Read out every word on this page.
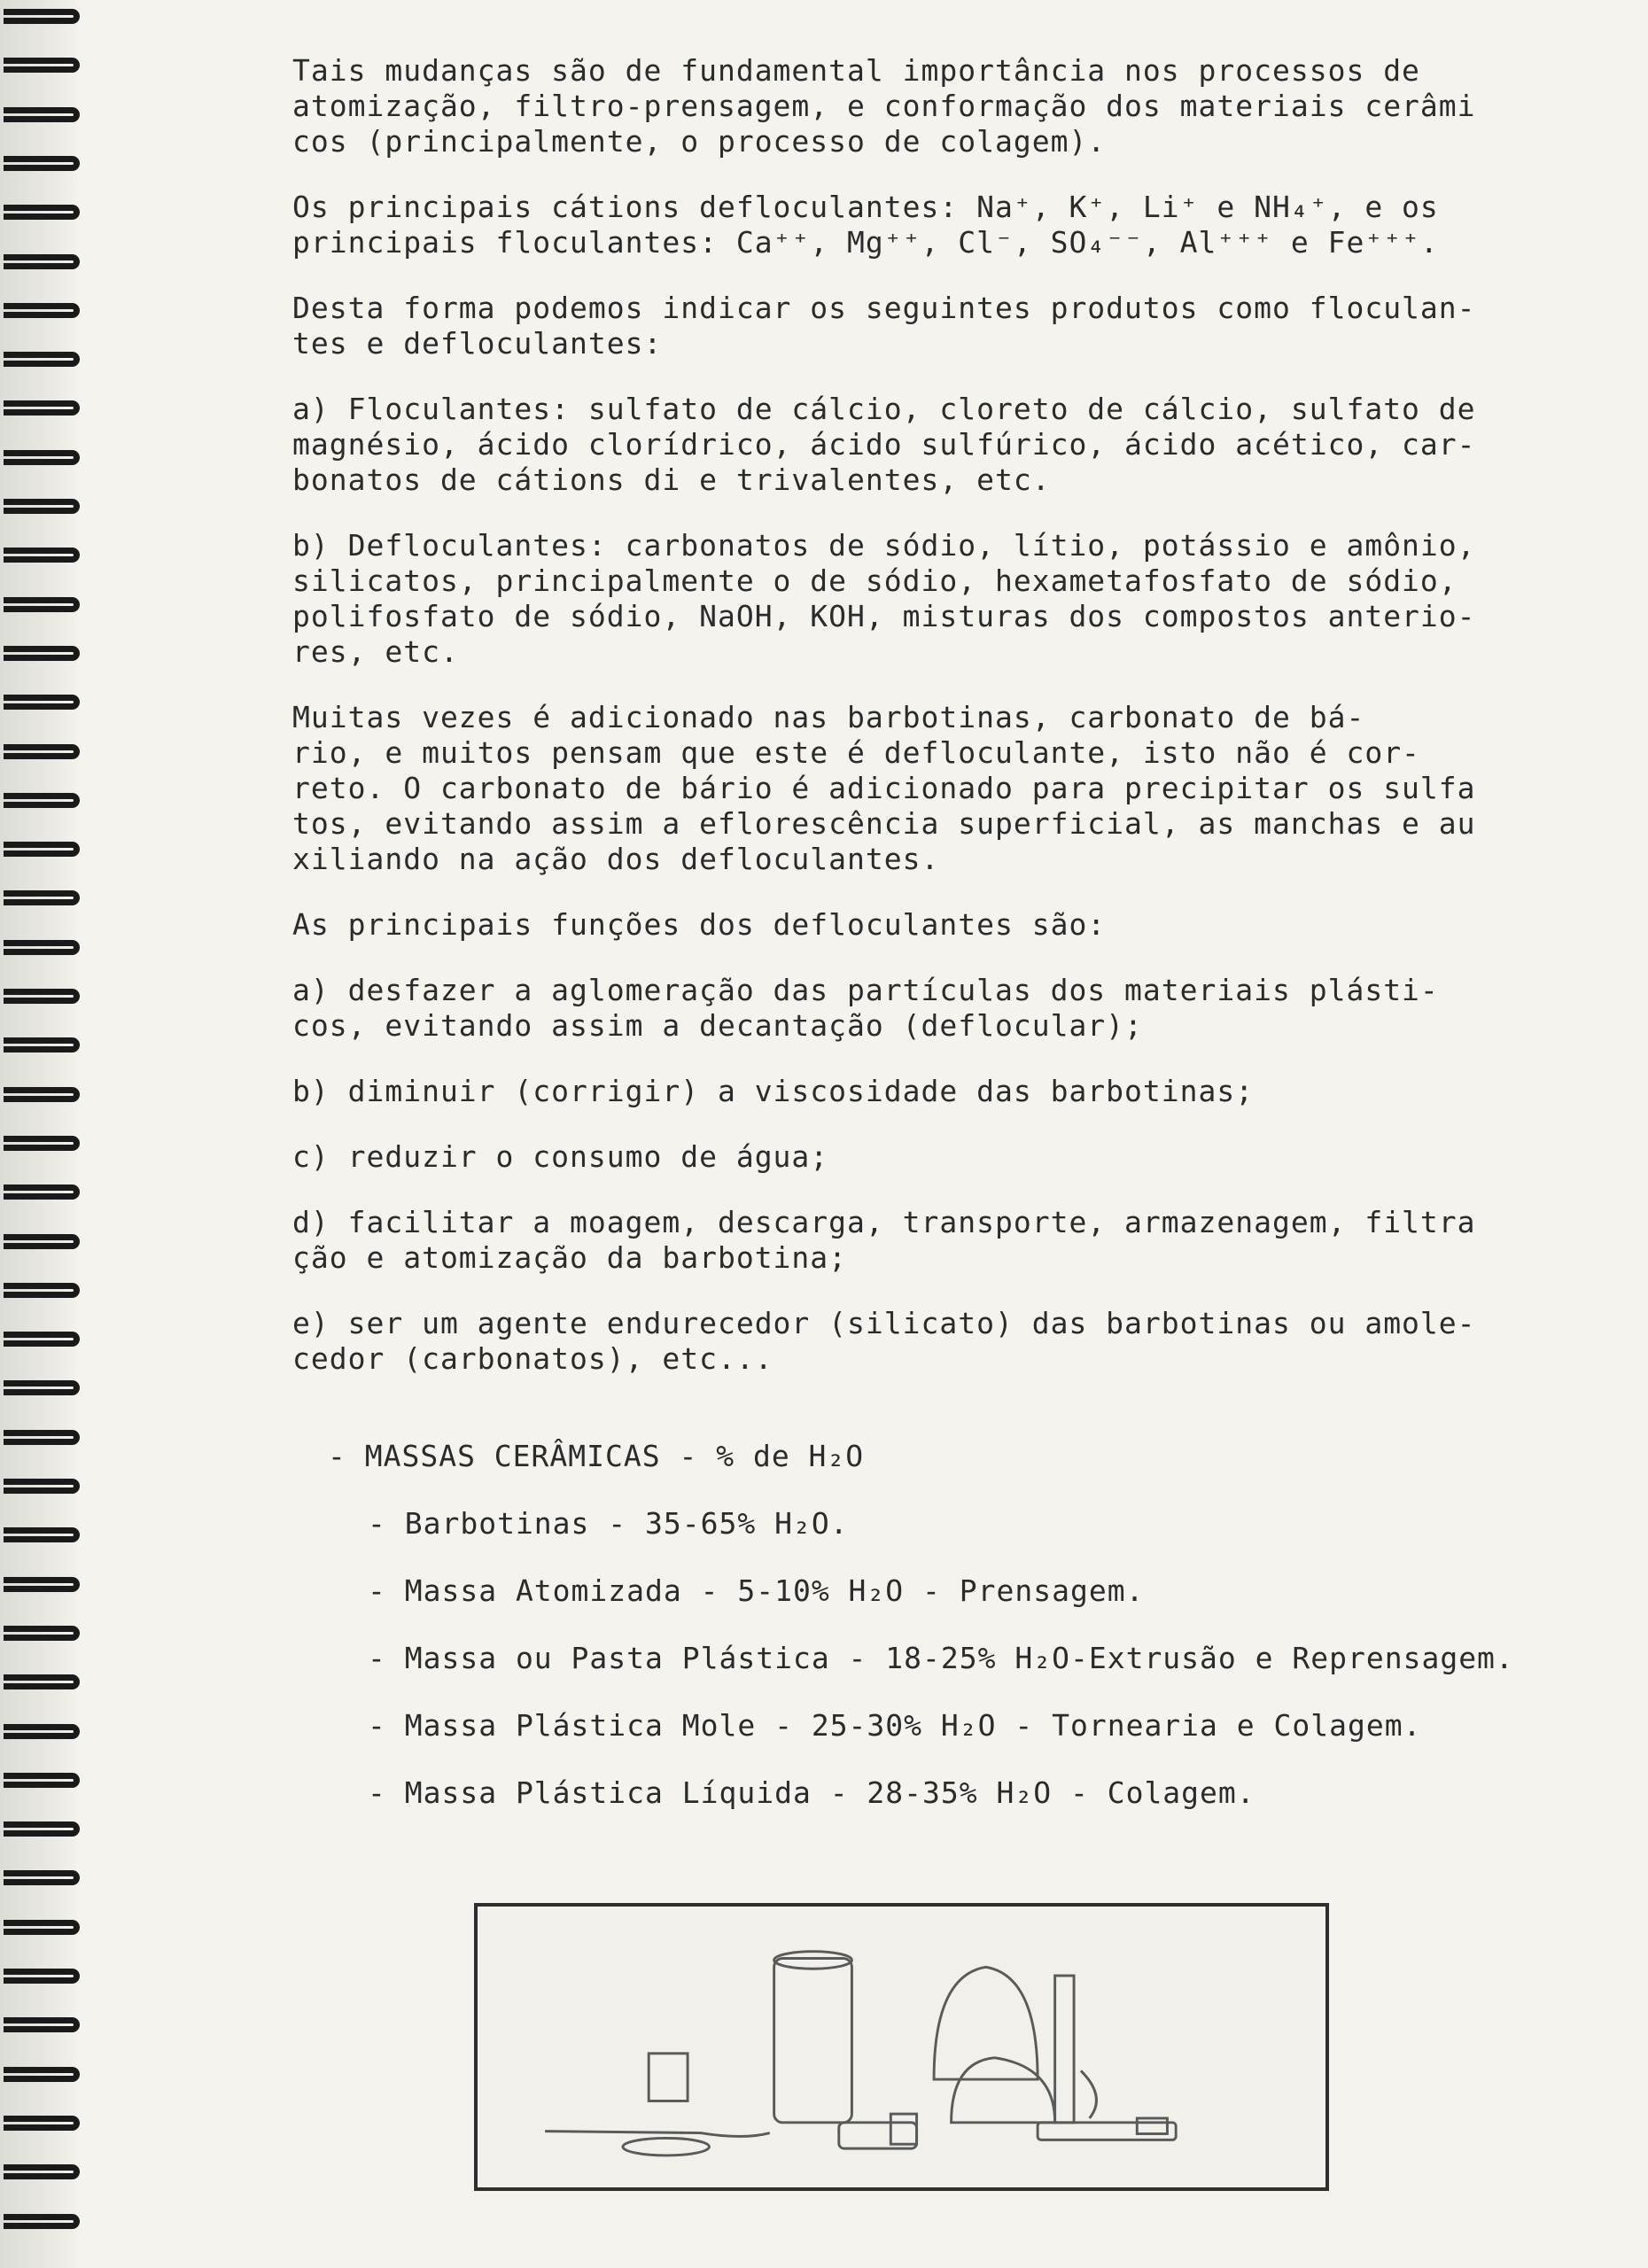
Tais mudanças são de fundamental importância nos processos de
atomização, filtro-prensagem, e conformação dos materiais cerâmi
cos (principalmente, o processo de colagem).
Os principais cátions defloculantes: Na⁺, K⁺, Li⁺ e NH₄⁺, e os
principais floculantes: Ca⁺⁺, Mg⁺⁺, Cl⁻, SO₄⁻⁻, Al⁺⁺⁺ e Fe⁺⁺⁺.
Desta forma podemos indicar os seguintes produtos como floculan-
tes e defloculantes:
a) Floculantes: sulfato de cálcio, cloreto de cálcio, sulfato de
magnésio, ácido clorídrico, ácido sulfúrico, ácido acético, car-
bonatos de cátions di e trivalentes, etc.
b) Defloculantes: carbonatos de sódio, lítio, potássio e amônio,
silicatos, principalmente o de sódio, hexametafosfato de sódio,
polifosfato de sódio, NaOH, KOH, misturas dos compostos anterio-
res, etc.
Muitas vezes é adicionado nas barbotinas, carbonato de bá-
rio, e muitos pensam que este é defloculante, isto não é cor-
reto. O carbonato de bário é adicionado para precipitar os sulfa
tos, evitando assim a eflorescência superficial, as manchas e au
xiliando na ação dos defloculantes.
As principais funções dos defloculantes são:
a) desfazer a aglomeração das partículas dos materiais plásti-
cos, evitando assim a decantação (deflocular);
b) diminuir (corrigir) a viscosidade das barbotinas;
c) reduzir o consumo de água;
d) facilitar a moagem, descarga, transporte, armazenagem, filtra
ção e atomização da barbotina;
e) ser um agente endurecedor (silicato) das barbotinas ou amole-
cedor (carbonatos), etc...
- MASSAS CERÂMICAS - % de H₂O
- Barbotinas - 35-65% H₂O.
- Massa Atomizada - 5-10% H₂O - Prensagem.
- Massa ou Pasta Plástica - 18-25% H₂O-Extrusão e Reprensagem.
- Massa Plástica Mole - 25-30% H₂O - Tornearia e Colagem.
- Massa Plástica Líquida - 28-35% H₂O - Colagem.
